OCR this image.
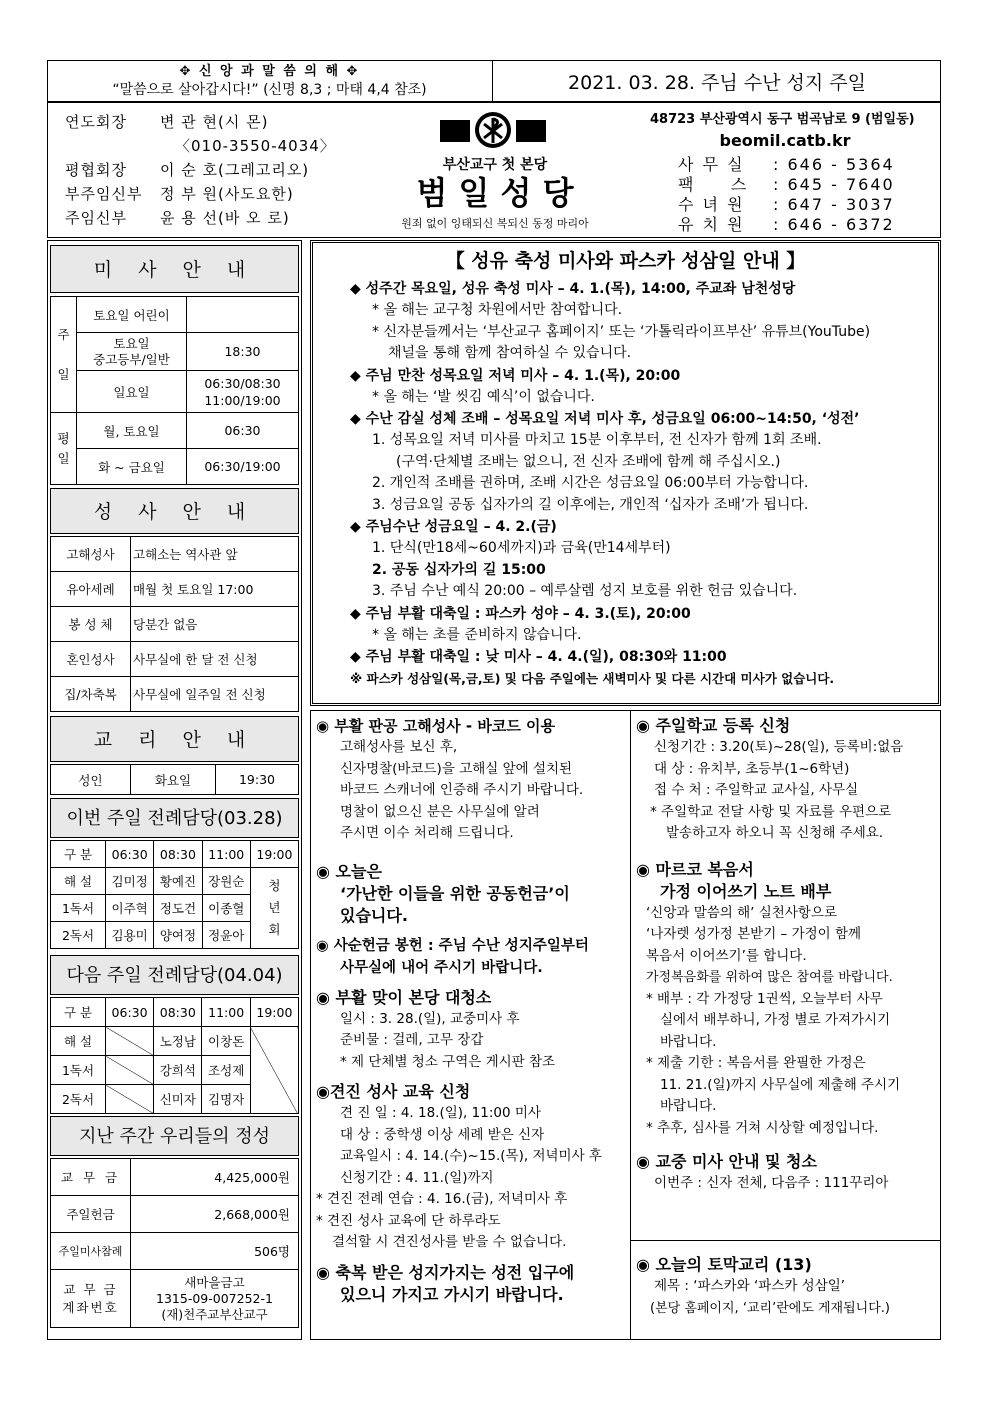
✥ 신 앙 과 말 씀 의 해 ✥
“말씀으로 살아갑시다!” (신명 8,3 ; 마태 4,4 참조)	2021. 03. 28. 주님 수난 성지 주일
연도회장 변 관 현(시 몬)
〈010-3550-4034〉
평협회장 이 순 호(그레고리오)
부주임신부 정 부 원(사도요한)
주임신부 윤 용 선(바 오 로)
부산교구 첫 본당
범 일 성 당
원죄 없이 잉태되신 복되신 동정 마리아
48723 부산광역시 동구 범곡남로 9 (범일동)
beomil.catb.kr
사 무 실 : 646 - 5364
팩     스 : 645 - 7640
수 녀 원 : 647 - 3037
유 치 원 : 646 - 6372
미 사 안 내
주

일	토요일 어린이	
	토요일
중고등부/일반	18:30
	일요일	06:30/08:30
11:00/19:00
평
일	월, 토요일	06:30
	화 ~ 금요일	06:30/19:00
성 사 안 내
고해성사	고해소는 역사관 앞
유아세례	매월 첫 토요일 17:00
봉 성 체	당분간 없음
혼인성사	사무실에 한 달 전 신청
집/차축복	사무실에 일주일 전 신청
교 리 안 내
성인	화요일	19:30
이번 주일 전례담당(03.28)
구 분	06:30	08:30	11:00	19:00
해 설	김미정	황예진	장원순	청
년
회
1독서	이주혁	정도건	이종혈	
2독서	김용미	양여정	정윤아	
다음 주일 전례담당(04.04)
구 분	06:30	08:30	11:00	19:00
해 설		노정남	이창돈	
1독서		강희석	조성제	
2독서		신미자	김명자	
지난 주간 우리들의 정성
교 무 금	4,425,000원
주일헌금	2,668,000원
주일미사참례	506명
교 무 금
계좌번호	새마을금고
1315-09-007252-1
(재)천주교부산교구
【 성유 축성 미사와 파스카 성삼일 안내 】
◆ 성주간 목요일, 성유 축성 미사 – 4. 1.(목), 14:00, 주교좌 남천성당
* 올 해는 교구청 차원에서만 참여합니다.
* 신자분들께서는 ‘부산교구 홈페이지’ 또는 ‘가톨릭라이프부산’ 유튜브(YouTube)
채널을 통해 함께 참여하실 수 있습니다.
◆ 주님 만찬 성목요일 저녁 미사 – 4. 1.(목), 20:00
* 올 해는 ‘발 씻김 예식’이 없습니다.
◆ 수난 감실 성체 조배 – 성목요일 저녁 미사 후, 성금요일 06:00~14:50, ‘성전’
1. 성목요일 저녁 미사를 마치고 15분 이후부터, 전 신자가 함께 1회 조배.
(구역·단체별 조배는 없으니, 전 신자 조배에 함께 해 주십시오.)
2. 개인적 조배를 권하며, 조배 시간은 성금요일 06:00부터 가능합니다.
3. 성금요일 공동 십자가의 길 이후에는, 개인적 ‘십자가 조배’가 됩니다.
◆ 주님수난 성금요일 – 4. 2.(금)
1. 단식(만18세~60세까지)과 금육(만14세부터)
2. 공동 십자가의 길 15:00
3. 주님 수난 예식 20:00 – 예루살렘 성지 보호를 위한 헌금 있습니다.
◆ 주님 부활 대축일 : 파스카 성야 – 4. 3.(토), 20:00
* 올 해는 초를 준비하지 않습니다.
◆ 주님 부활 대축일 : 낮 미사 – 4. 4.(일), 08:30와 11:00
※ 파스카 성삼일(목,금,토) 및 다음 주일에는 새벽미사 및 다른 시간대 미사가 없습니다.
◉ 부활 판공 고해성사 - 바코드 이용
고해성사를 보신 후,
신자명찰(바코드)을 고해실 앞에 설치된
바코드 스캐너에 인증해 주시기 바랍니다.
명찰이 없으신 분은 사무실에 알려
주시면 이수 처리해 드립니다.
◉ 오늘은
‘가난한 이들을 위한 공동헌금’이
있습니다.
◉ 사순헌금 봉헌 : 주님 수난 성지주일부터
사무실에 내어 주시기 바랍니다.
◉ 부활 맞이 본당 대청소
일시 : 3. 28.(일), 교중미사 후
준비물 : 걸레, 고무 장갑
* 제 단체별 청소 구역은 게시판 참조
◉견진 성사 교육 신청
견 진 일 : 4. 18.(일), 11:00 미사
대 상 : 중학생 이상 세례 받은 신자
교육일시 : 4. 14.(수)~15.(목), 저녁미사 후
신청기간 : 4. 11.(일)까지
* 견진 전례 연습 : 4. 16.(금), 저녁미사 후
* 견진 성사 교육에 단 하루라도
결석할 시 견진성사를 받을 수 없습니다.
◉ 축복 받은 성지가지는 성전 입구에
있으니 가지고 가시기 바랍니다.
◉ 주일학교 등록 신청
신청기간 : 3.20(토)~28(일), 등록비:없음
대 상 : 유치부, 초등부(1~6학년)
접 수 처 : 주일학교 교사실, 사무실
* 주일학교 전달 사항 및 자료를 우편으로
발송하고자 하오니 꼭 신청해 주세요.
◉ 마르코 복음서
가정 이어쓰기 노트 배부
‘신앙과 말씀의 해’ 실천사항으로
‘나자렛 성가정 본받기 – 가정이 함께
복음서 이어쓰기’를 합니다.
가정복음화를 위하여 많은 참여를 바랍니다.
* 배부 : 각 가정당 1권씩, 오늘부터 사무
실에서 배부하니, 가정 별로 가져가시기
바랍니다.
* 제출 기한 : 복음서를 완필한 가정은
11. 21.(일)까지 사무실에 제출해 주시기
바랍니다.
* 추후, 심사를 거쳐 시상할 예정입니다.
◉ 교중 미사 안내 및 청소
이번주 : 신자 전체, 다음주 : 111꾸리아
◉ 오늘의 토막교리 (13)
제목 : ‘파스카와 ‘파스카 성삼일’
(본당 홈페이지, ‘교리’란에도 게재됩니다.)
